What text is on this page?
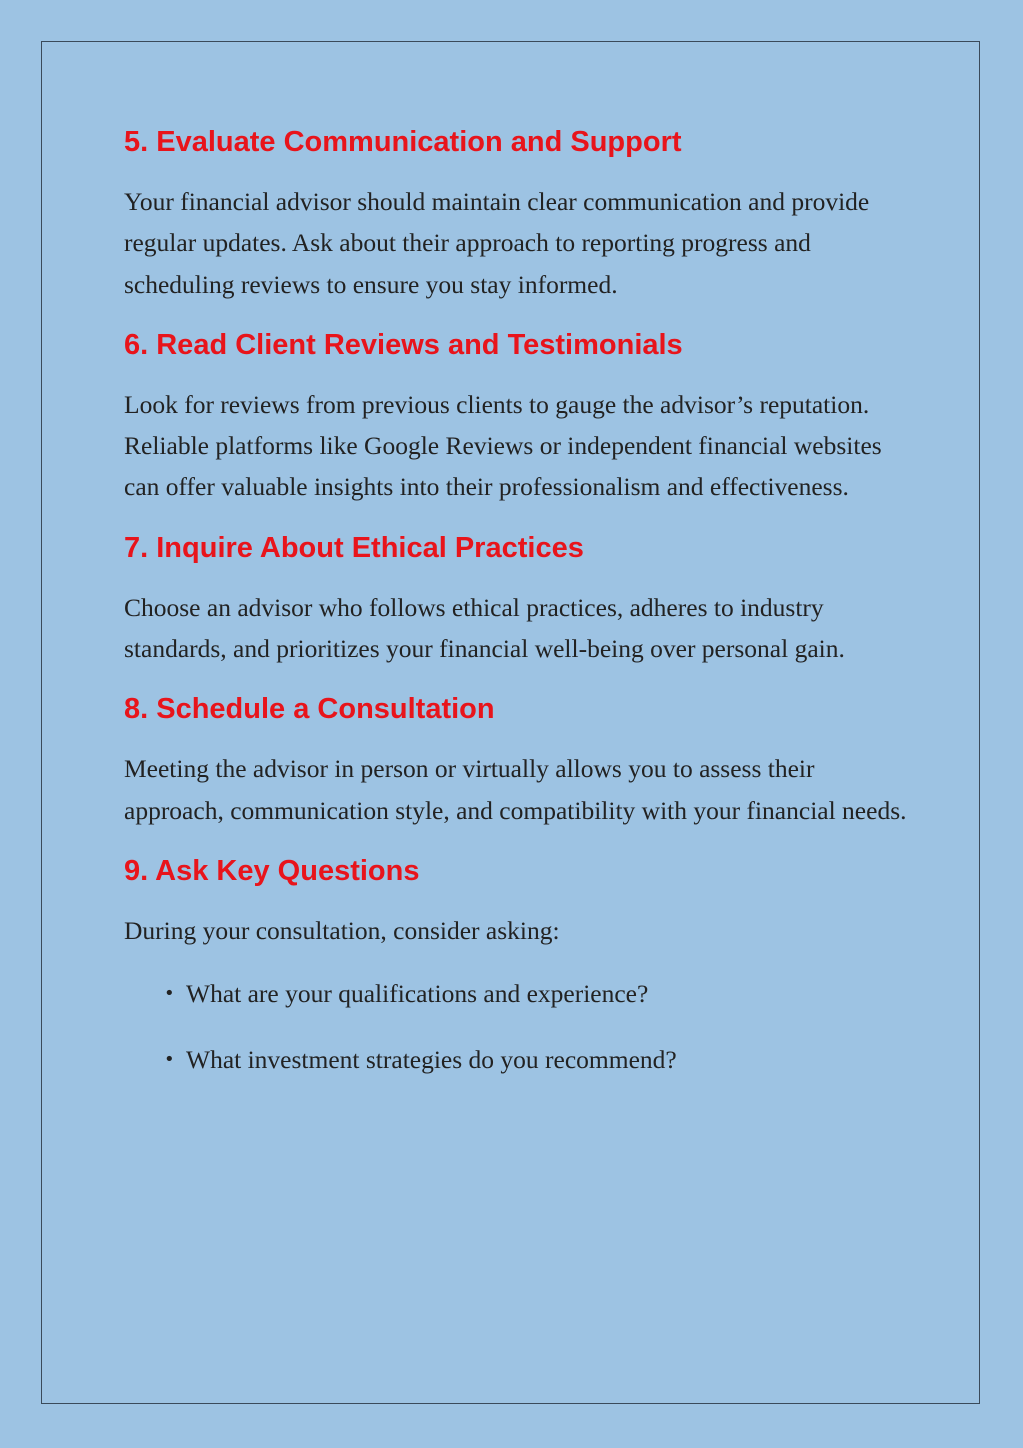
5. Evaluate Communication and Support

Your financial advisor should maintain clear communication and provide regular updates. Ask about their approach to reporting progress and scheduling reviews to ensure you stay informed.

6. Read Client Reviews and Testimonials

Look for reviews from previous clients to gauge the advisor’s reputation. Reliable platforms like Google Reviews or independent financial websites can offer valuable insights into their professionalism and effectiveness.

7. Inquire About Ethical Practices

Choose an advisor who follows ethical practices, adheres to industry standards, and prioritizes your financial well-being over personal gain.

8. Schedule a Consultation

Meeting the advisor in person or virtually allows you to assess their approach, communication style, and compatibility with your financial needs.

9. Ask Key Questions

During your consultation, consider asking:

• What are your qualifications and experience?
• What investment strategies do you recommend?
